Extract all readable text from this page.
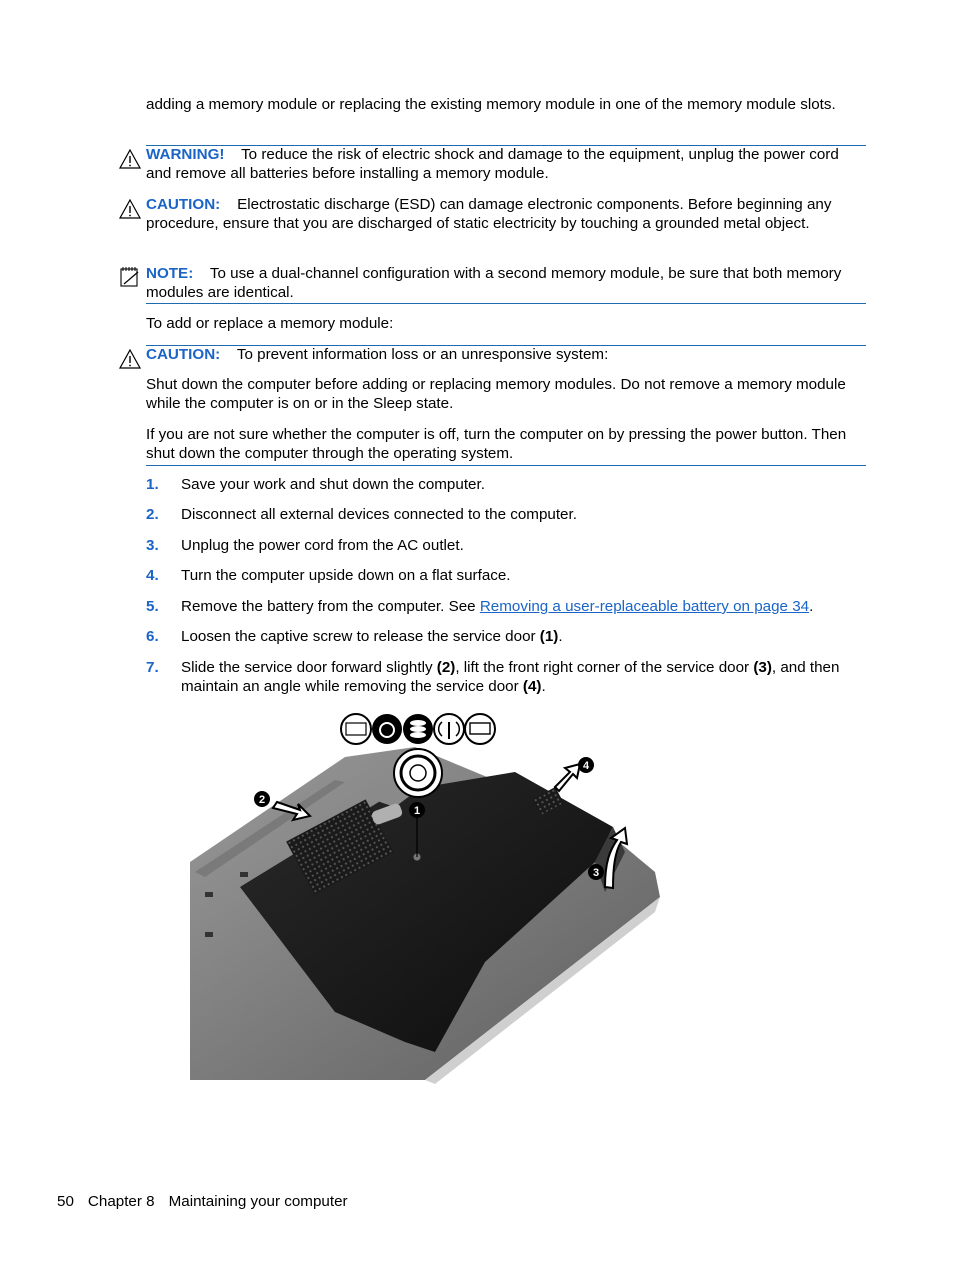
adding a memory module or replacing the existing memory module in one of the memory module slots.

WARNING! To reduce the risk of electric shock and damage to the equipment, unplug the power cord and remove all batteries before installing a memory module.

CAUTION: Electrostatic discharge (ESD) can damage electronic components. Before beginning any procedure, ensure that you are discharged of static electricity by touching a grounded metal object.

NOTE: To use a dual-channel configuration with a second memory module, be sure that both memory modules are identical.

To add or replace a memory module:

CAUTION: To prevent information loss or an unresponsive system:

Shut down the computer before adding or replacing memory modules. Do not remove a memory module while the computer is on or in the Sleep state.

If you are not sure whether the computer is off, turn the computer on by pressing the power button. Then shut down the computer through the operating system.

1. Save your work and shut down the computer.

2. Disconnect all external devices connected to the computer.

3. Unplug the power cord from the AC outlet.

4. Turn the computer upside down on a flat surface.

5. Remove the battery from the computer. See Removing a user-replaceable battery on page 34.

6. Loosen the captive screw to release the service door (1).

7. Slide the service door forward slightly (2), lift the front right corner of the service door (3), and then maintain an angle while removing the service door (4).

1
2
3
4
50 Chapter 8 Maintaining your computer
